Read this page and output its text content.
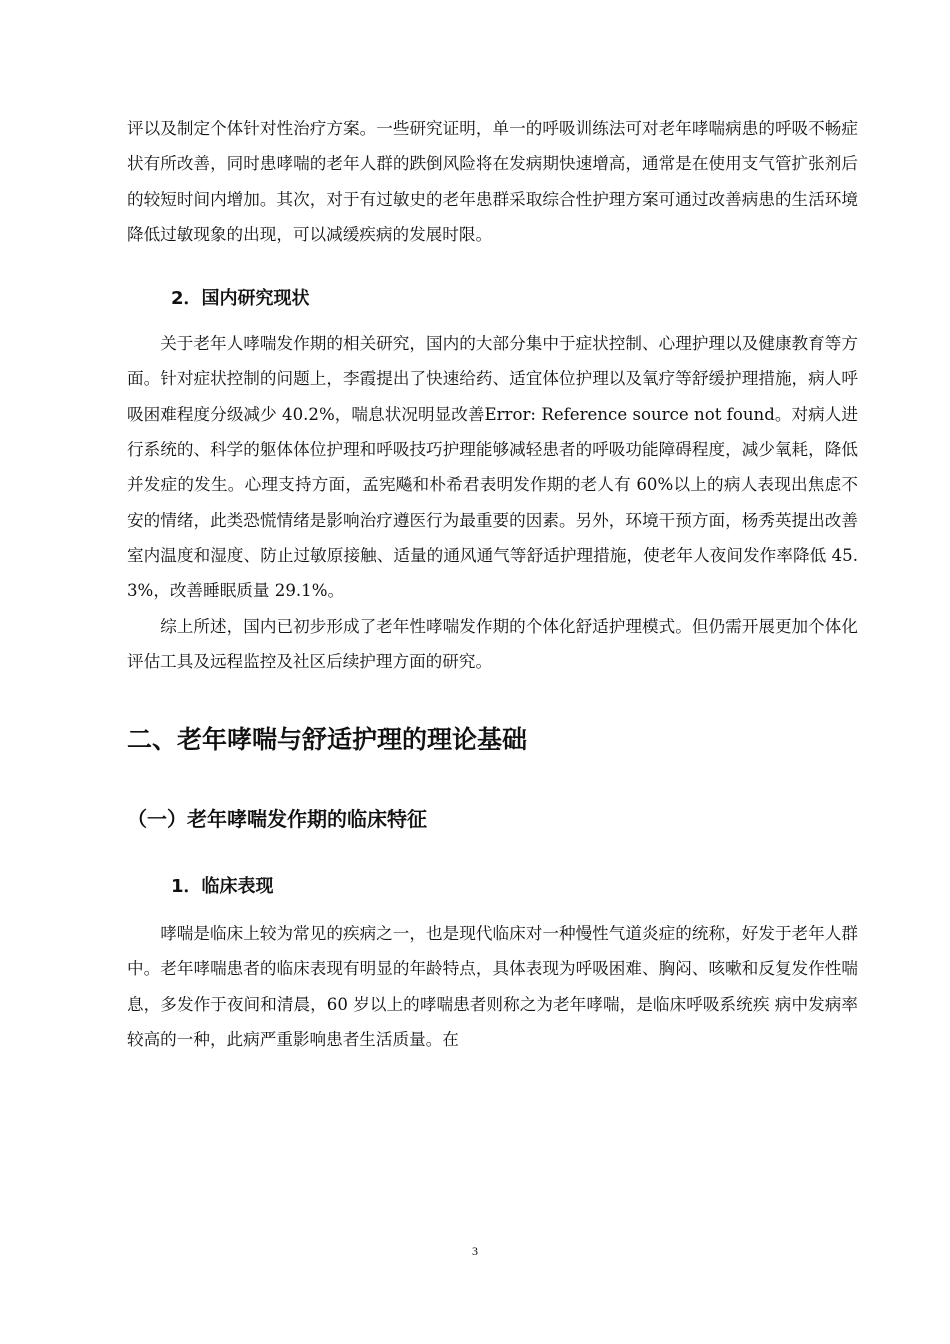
评以及制定个体针对性治疗方案。一些研究证明，单一的呼吸训练法可对老年哮喘病患的呼吸不畅症状有所改善，同时患哮喘的老年人群的跌倒风险将在发病期快速增高，通常是在使用支气管扩张剂后的较短时间内增加。其次，对于有过敏史的老年患群采取综合性护理方案可通过改善病患的生活环境降低过敏现象的出现，可以减缓疾病的发展时限。

2．国内研究现状

关于老年人哮喘发作期的相关研究，国内的大部分集中于症状控制、心理护理以及健康教育等方面。针对症状控制的问题上，李霞提出了快速给药、适宜体位护理以及氧疗等舒缓护理措施，病人呼吸困难程度分级减少 40.2%，喘息状况明显改善Error: Reference source not found。对病人进行系统的、科学的躯体体位护理和呼吸技巧护理能够减轻患者的呼吸功能障碍程度，减少氧耗，降低并发症的发生。心理支持方面，孟宪飚和朴希君表明发作期的老人有 60%以上的病人表现出焦虑不安的情绪，此类恐慌情绪是影响治疗遵医行为最重要的因素。另外，环境干预方面，杨秀英提出改善室内温度和湿度、防止过敏原接触、适量的通风通气等舒适护理措施，使老年人夜间发作率降低 45.3%，改善睡眠质量 29.1%。

综上所述，国内已初步形成了老年性哮喘发作期的个体化舒适护理模式。但仍需开展更加个体化评估工具及远程监控及社区后续护理方面的研究。

二、老年哮喘与舒适护理的理论基础
（一）老年哮喘发作期的临床特征
1．临床表现

哮喘是临床上较为常见的疾病之一，也是现代临床对一种慢性气道炎症的统称，好发于老年人群中。老年哮喘患者的临床表现有明显的年龄特点，具体表现为呼吸困难、胸闷、咳嗽和反复发作性喘息，多发作于夜间和清晨，60 岁以上的哮喘患者则称之为老年哮喘，是临床呼吸系统疾 病中发病率较高的一种，此病严重影响患者生活质量。在

3
